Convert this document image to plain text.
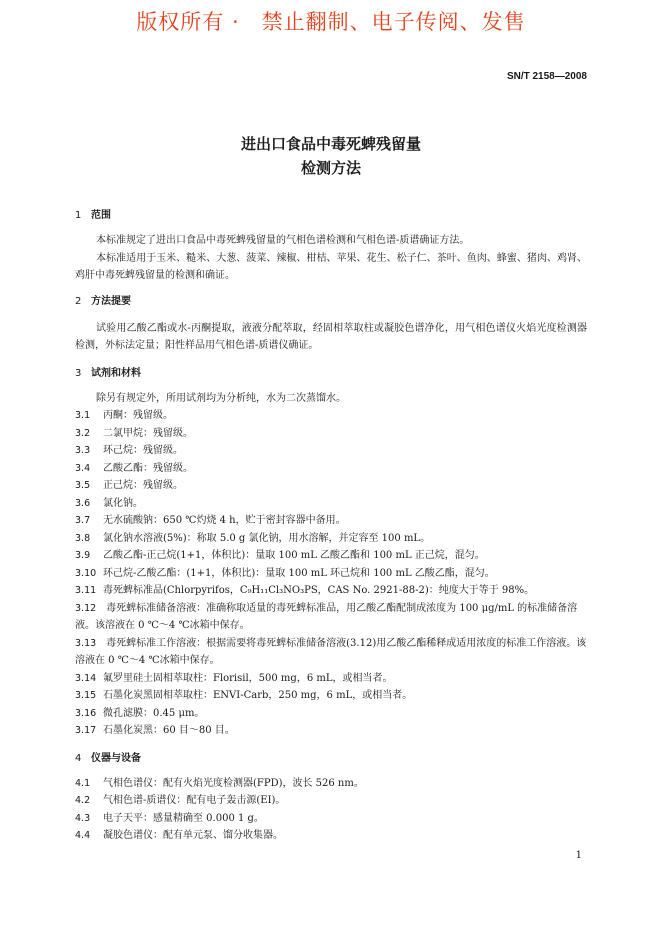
版权所有 ·　禁止翻制、电子传阅、发售
SN/T 2158—2008
进出口食品中毒死蜱残留量
检测方法
1 范围
本标准规定了进出口食品中毒死蜱残留量的气相色谱检测和气相色谱-质谱确证方法。
本标准适用于玉米、糙米、大葱、菠菜、辣椒、柑桔、苹果、花生、松子仁、茶叶、鱼肉、蜂蜜、猪肉、鸡肾、鸡肝中毒死蜱残留量的检测和确证。
2 方法提要
试验用乙酸乙酯或水-丙酮提取，液液分配萃取，经固相萃取柱或凝胶色谱净化，用气相色谱仪火焰光度检测器检测，外标法定量；阳性样品用气相色谱-质谱仪确证。
3 试剂和材料
除另有规定外，所用试剂均为分析纯，水为二次蒸馏水。
3.1 丙酮：残留级。
3.2 二氯甲烷：残留级。
3.3 环己烷：残留级。
3.4 乙酸乙酯：残留级。
3.5 正己烷：残留级。
3.6 氯化钠。
3.7 无水硫酸钠：650 ℃灼烧 4 h，贮于密封容器中备用。
3.8 氯化钠水溶液(5%)：称取 5.0 g 氯化钠，用水溶解，并定容至 100 mL。
3.9 乙酸乙酯-正己烷(1+1，体积比)：量取 100 mL 乙酸乙酯和 100 mL 正己烷，混匀。
3.10 环己烷-乙酸乙酯：(1+1，体积比)：量取 100 mL 环己烷和 100 mL 乙酸乙酯，混匀。
3.11 毒死蜱标准品(Chlorpyrifos，C₉H₁₁Cl₃NO₃PS，CAS No. 2921-88-2)：纯度大于等于 98%。
3.12 毒死蜱标准储备溶液：准确称取适量的毒死蜱标准品，用乙酸乙酯配制成浓度为 100 μg/mL 的标准储备溶液。该溶液在 0 ℃～4 ℃冰箱中保存。
3.13 毒死蜱标准工作溶液：根据需要将毒死蜱标准储备溶液(3.12)用乙酸乙酯稀释成适用浓度的标准工作溶液。该溶液在 0 ℃～4 ℃冰箱中保存。
3.14 氟罗里硅土固相萃取柱：Florisil，500 mg，6 mL，或相当者。
3.15 石墨化炭黑固相萃取柱：ENVI-Carb，250 mg，6 mL，或相当者。
3.16 微孔滤膜：0.45 μm。
3.17 石墨化炭黑：60 目～80 目。
4 仪器与设备
4.1 气相色谱仪：配有火焰光度检测器(FPD)，波长 526 nm。
4.2 气相色谱-质谱仪：配有电子轰击源(EI)。
4.3 电子天平：感量精确至 0.000 1 g。
4.4 凝胶色谱仪：配有单元泵、馏分收集器。
1
